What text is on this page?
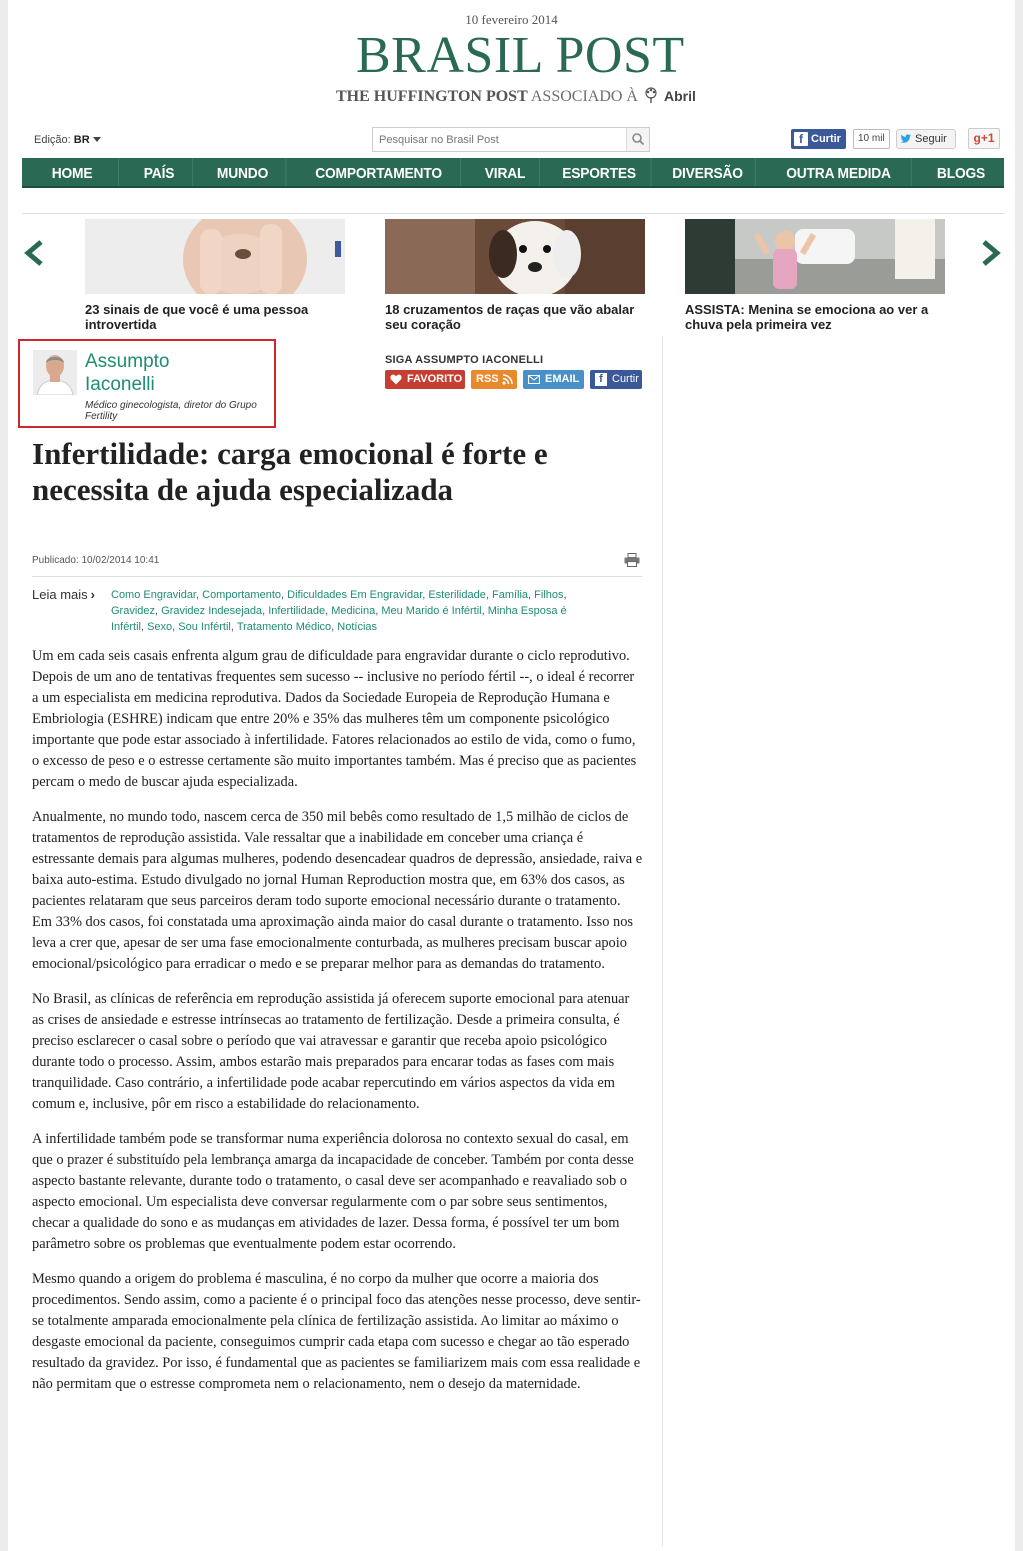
10 fevereiro 2014
BRASIL POST
THE HUFFINGTON POST ASSOCIADO À Abril
Edição: BR
Pesquisar no Brasil Post	f Curtir	10 mil	Seguir	g+1
HOME	PAÍS	MUNDO	COMPORTAMENTO	VIRAL	ESPORTES	DIVERSÃO	OUTRA MEDIDA	BLOGS
23 sinais de que você é uma pessoa introvertida
18 cruzamentos de raças que vão abalar seu coração
ASSISTA: Menina se emociona ao ver a chuva pela primeira vez
Assumpto
Iaconelli
Médico ginecologista, diretor do Grupo Fertility
SIGA ASSUMPTO IACONELLI
FAVORITO	RSS	EMAIL	f Curtir
Infertilidade: carga emocional é forte e necessita de ajuda especializada
Publicado: 10/02/2014 10:41
Leia mais › Como Engravidar, Comportamento, Dificuldades Em Engravidar, Esterilidade, Família, Filhos, Gravidez, Gravidez Indesejada, Infertilidade, Medicina, Meu Marido é Infértil, Minha Esposa é Infértil, Sexo, Sou Infértil, Tratamento Médico, Notícias

Um em cada seis casais enfrenta algum grau de dificuldade para engravidar durante o ciclo reprodutivo. Depois de um ano de tentativas frequentes sem sucesso -- inclusive no período fértil --, o ideal é recorrer a um especialista em medicina reprodutiva. Dados da Sociedade Europeia de Reprodução Humana e Embriologia (ESHRE) indicam que entre 20% e 35% das mulheres têm um componente psicológico importante que pode estar associado à infertilidade. Fatores relacionados ao estilo de vida, como o fumo, o excesso de peso e o estresse certamente são muito importantes também. Mas é preciso que as pacientes percam o medo de buscar ajuda especializada.

Anualmente, no mundo todo, nascem cerca de 350 mil bebês como resultado de 1,5 milhão de ciclos de tratamentos de reprodução assistida. Vale ressaltar que a inabilidade em conceber uma criança é estressante demais para algumas mulheres, podendo desencadear quadros de depressão, ansiedade, raiva e baixa auto-estima. Estudo divulgado no jornal Human Reproduction mostra que, em 63% dos casos, as pacientes relataram que seus parceiros deram todo suporte emocional necessário durante o tratamento. Em 33% dos casos, foi constatada uma aproximação ainda maior do casal durante o tratamento. Isso nos leva a crer que, apesar de ser uma fase emocionalmente conturbada, as mulheres precisam buscar apoio emocional/psicológico para erradicar o medo e se preparar melhor para as demandas do tratamento.

No Brasil, as clínicas de referência em reprodução assistida já oferecem suporte emocional para atenuar as crises de ansiedade e estresse intrínsecas ao tratamento de fertilização. Desde a primeira consulta, é preciso esclarecer o casal sobre o período que vai atravessar e garantir que receba apoio psicológico durante todo o processo. Assim, ambos estarão mais preparados para encarar todas as fases com mais tranquilidade. Caso contrário, a infertilidade pode acabar repercutindo em vários aspectos da vida em comum e, inclusive, pôr em risco a estabilidade do relacionamento.

A infertilidade também pode se transformar numa experiência dolorosa no contexto sexual do casal, em que o prazer é substituído pela lembrança amarga da incapacidade de conceber. Também por conta desse aspecto bastante relevante, durante todo o tratamento, o casal deve ser acompanhado e reavaliado sob o aspecto emocional. Um especialista deve conversar regularmente com o par sobre seus sentimentos, checar a qualidade do sono e as mudanças em atividades de lazer. Dessa forma, é possível ter um bom parâmetro sobre os problemas que eventualmente podem estar ocorrendo.

Mesmo quando a origem do problema é masculina, é no corpo da mulher que ocorre a maioria dos procedimentos. Sendo assim, como a paciente é o principal foco das atenções nesse processo, deve sentir-se totalmente amparada emocionalmente pela clínica de fertilização assistida. Ao limitar ao máximo o desgaste emocional da paciente, conseguimos cumprir cada etapa com sucesso e chegar ao tão esperado resultado da gravidez. Por isso, é fundamental que as pacientes se familiarizem mais com essa realidade e não permitam que o estresse comprometa nem o relacionamento, nem o desejo da maternidade.
